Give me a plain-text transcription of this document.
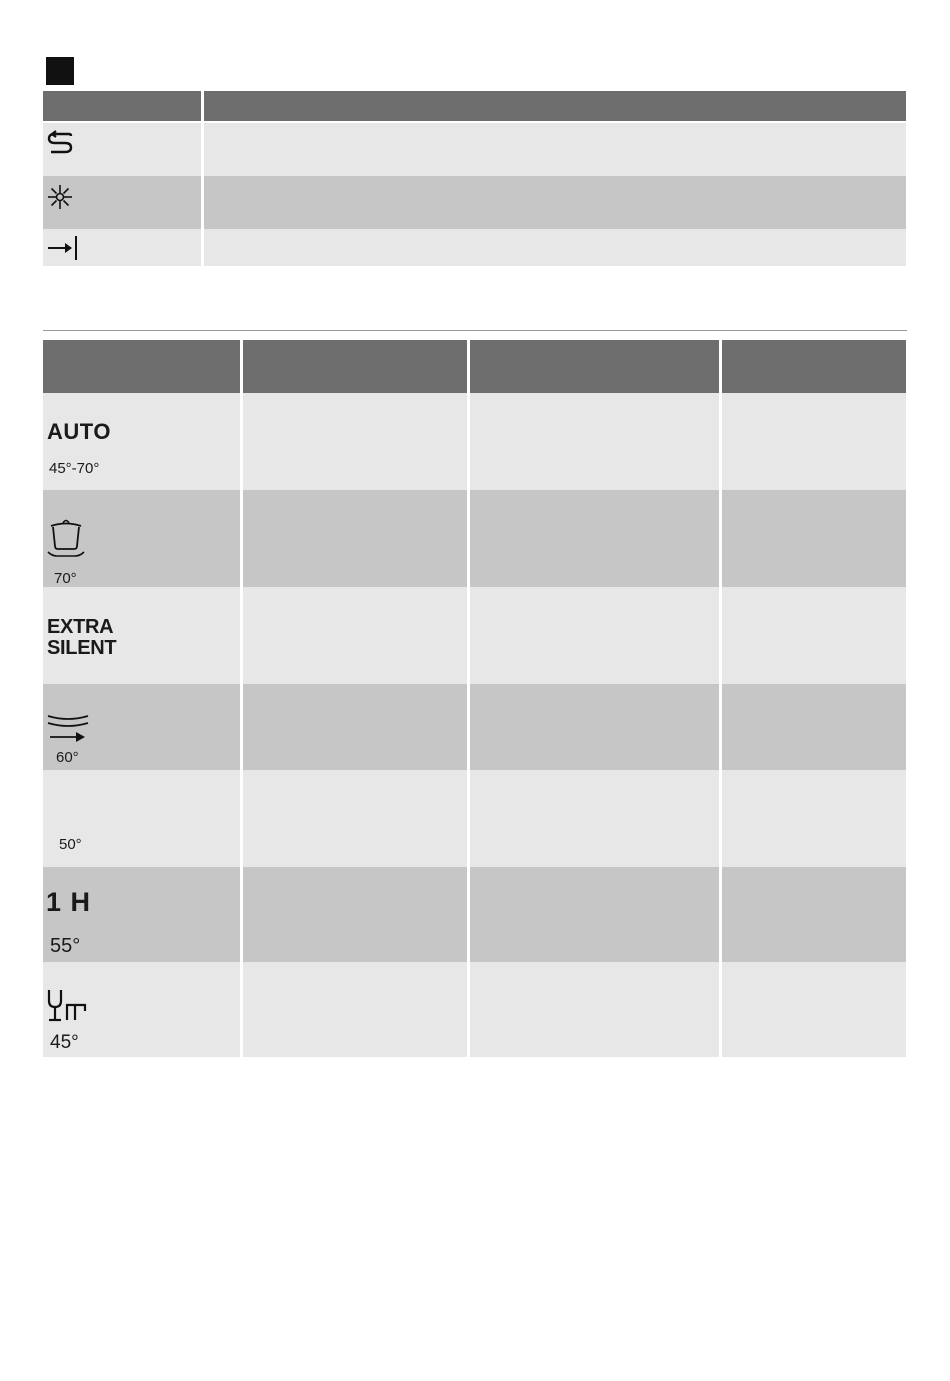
AUTO
45°-70°
70°
EXTRA
SILENT
60°
50°
1 H
55°
45°
